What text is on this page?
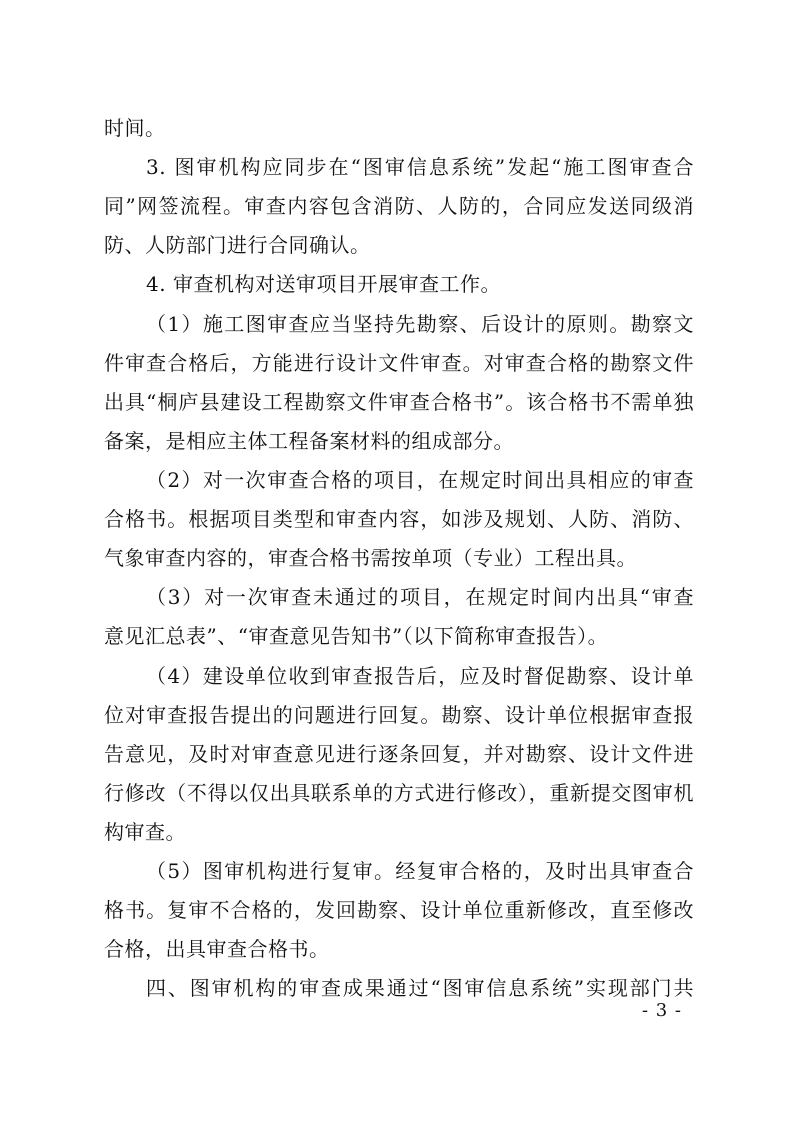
时间。
3. 图审机构应同步在“图审信息系统”发起“施工图审查合
同”网签流程。审查内容包含消防、人防的，合同应发送同级消
防、人防部门进行合同确认。
4. 审查机构对送审项目开展审查工作。
（1）施工图审查应当坚持先勘察、后设计的原则。勘察文
件审查合格后，方能进行设计文件审查。对审查合格的勘察文件
出具“桐庐县建设工程勘察文件审查合格书”。该合格书不需单独
备案，是相应主体工程备案材料的组成部分。
（2）对一次审查合格的项目，在规定时间出具相应的审查
合格书。根据项目类型和审查内容，如涉及规划、人防、消防、
气象审查内容的，审查合格书需按单项（专业）工程出具。
（3）对一次审查未通过的项目，在规定时间内出具“审查
意见汇总表”、“审查意见告知书”（以下简称审查报告）。
（4）建设单位收到审查报告后，应及时督促勘察、设计单
位对审查报告提出的问题进行回复。勘察、设计单位根据审查报
告意见，及时对审查意见进行逐条回复，并对勘察、设计文件进
行修改（不得以仅出具联系单的方式进行修改），重新提交图审机
构审查。
（5）图审机构进行复审。经复审合格的，及时出具审查合
格书。复审不合格的，发回勘察、设计单位重新修改，直至修改
合格，出具审查合格书。
四、图审机构的审查成果通过“图审信息系统”实现部门共
- 3 -
